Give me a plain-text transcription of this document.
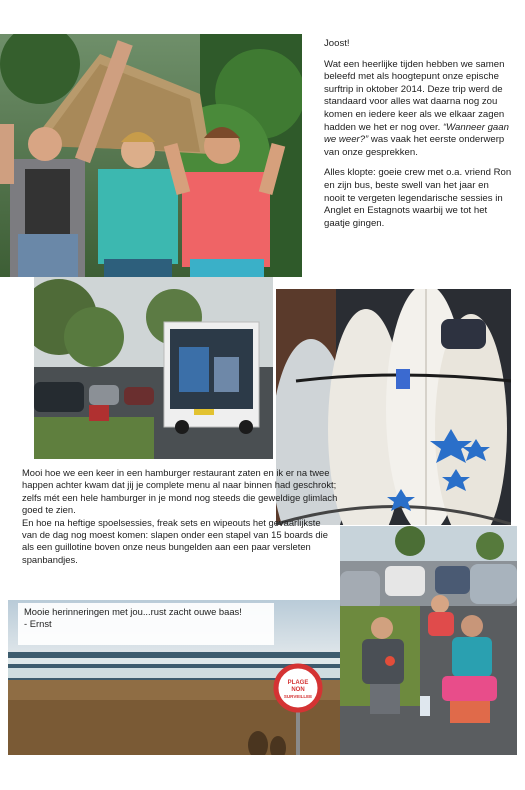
Joost!

Wat een heerlijke tijden hebben we samen beleefd met als hoogtepunt onze epische surftrip in oktober 2014. Deze trip werd de standaard voor alles wat daarna nog zou komen en iedere keer als we elkaar zagen hadden we het er nog over. “Wanneer gaan we weer?” was vaak het eerste onderwerp van onze gesprekken.

Alles klopte: goeie crew met o.a. vriend Ron en zijn bus, beste swell van het jaar en nooit te vergeten legendarische sessies in Anglet en Estagnots waarbij we tot het gaatje gingen.

Mooi hoe we een keer in een hamburger restaurant zaten en ik er na twee happen achter kwam dat jij je complete menu al naar binnen had geschrokt; zelfs mét een hele hamburger in je mond nog steeds die geweldige glimlach goed te zien.

En hoe na heftige spoelsessies, freak sets en wipeouts het gevaarlijkste van de dag nog moest komen: slapen onder een stapel van 15 boards die als een guillotine boven onze neus bungelden aan een paar versleten spanbandjes.

PLAGE
NON
SURVEILLEE

Mooie herinneringen met jou...rust zacht ouwe baas!

- Ernst
